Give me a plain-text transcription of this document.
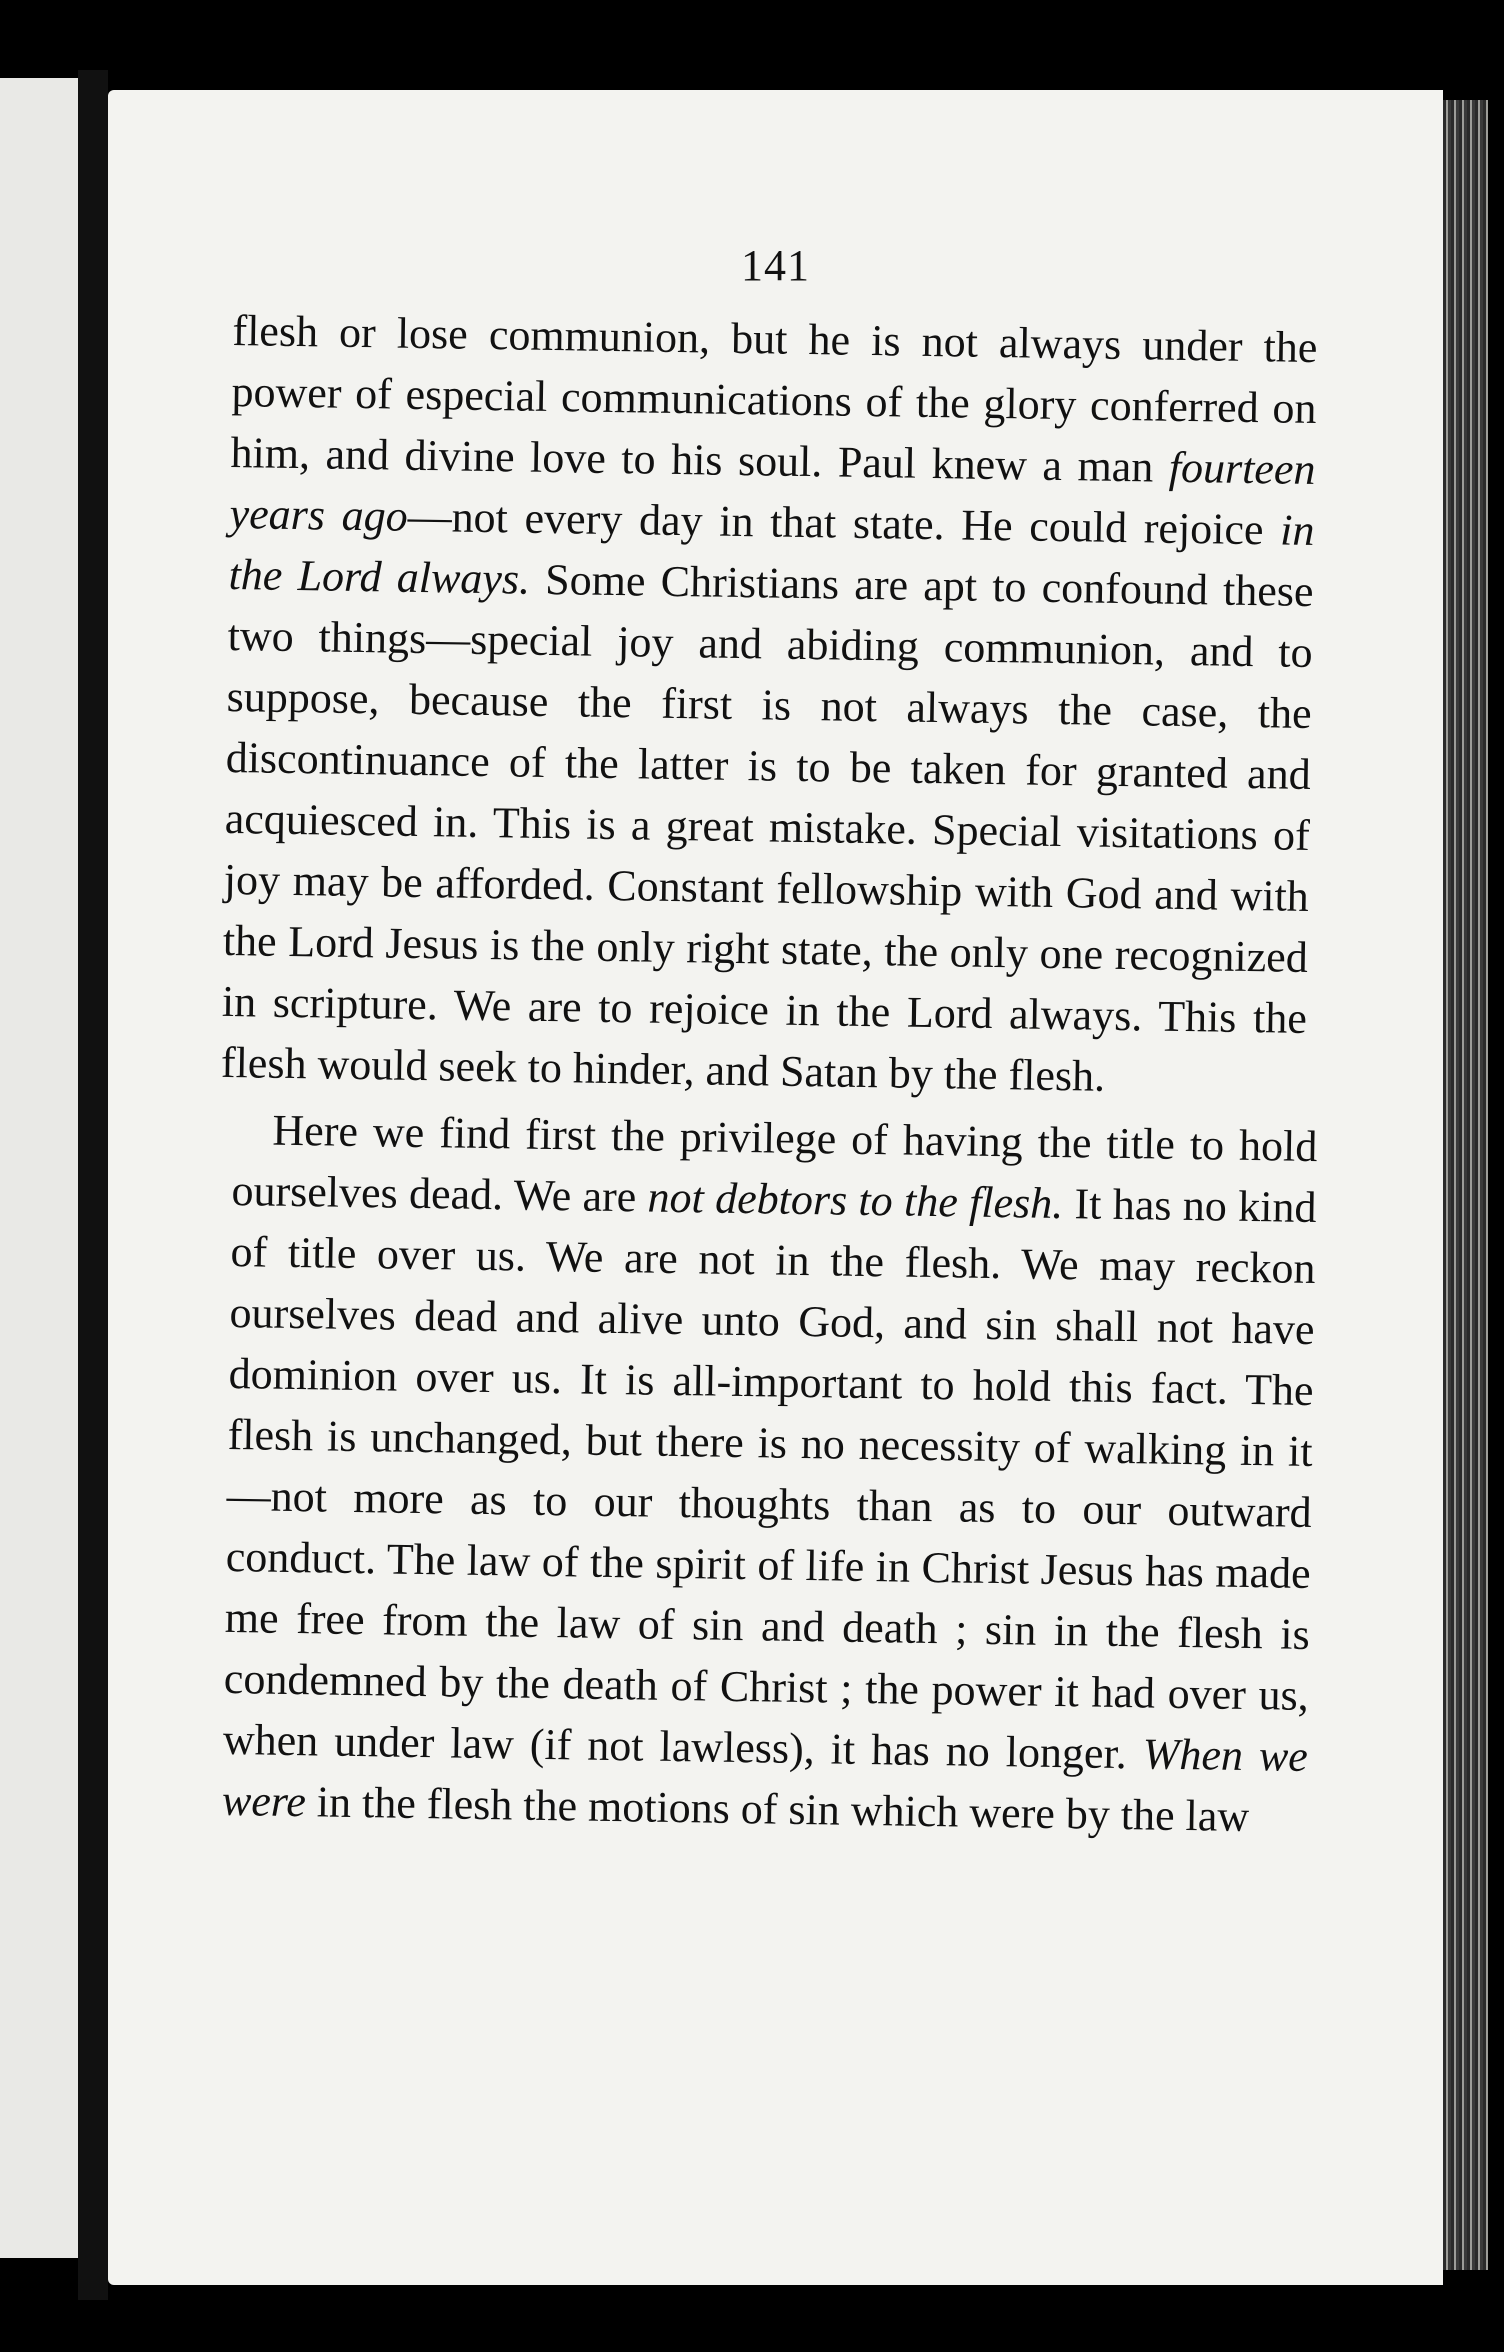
141

flesh or lose communion, but he is not always under the power of especial communications of the glory conferred on him, and divine love to his soul. Paul knew a man fourteen years ago—not every day in that state. He could rejoice in the Lord always. Some Christians are apt to confound these two things—special joy and abiding communion, and to suppose, because the first is not always the case, the discontinuance of the latter is to be taken for granted and acquiesced in. This is a great mistake. Special visitations of joy may be afforded. Constant fellowship with God and with the Lord Jesus is the only right state, the only one recognized in scripture. We are to rejoice in the Lord always. This the flesh would seek to hinder, and Satan by the flesh.

Here we find first the privilege of having the title to hold ourselves dead. We are not debtors to the flesh. It has no kind of title over us. We are not in the flesh. We may reckon ourselves dead and alive unto God, and sin shall not have dominion over us. It is all-important to hold this fact. The flesh is unchanged, but there is no necessity of walking in it—not more as to our thoughts than as to our outward conduct. The law of the spirit of life in Christ Jesus has made me free from the law of sin and death ; sin in the flesh is condemned by the death of Christ ; the power it had over us, when under law (if not lawless), it has no longer. When we were in the flesh the motions of sin which were by the law
